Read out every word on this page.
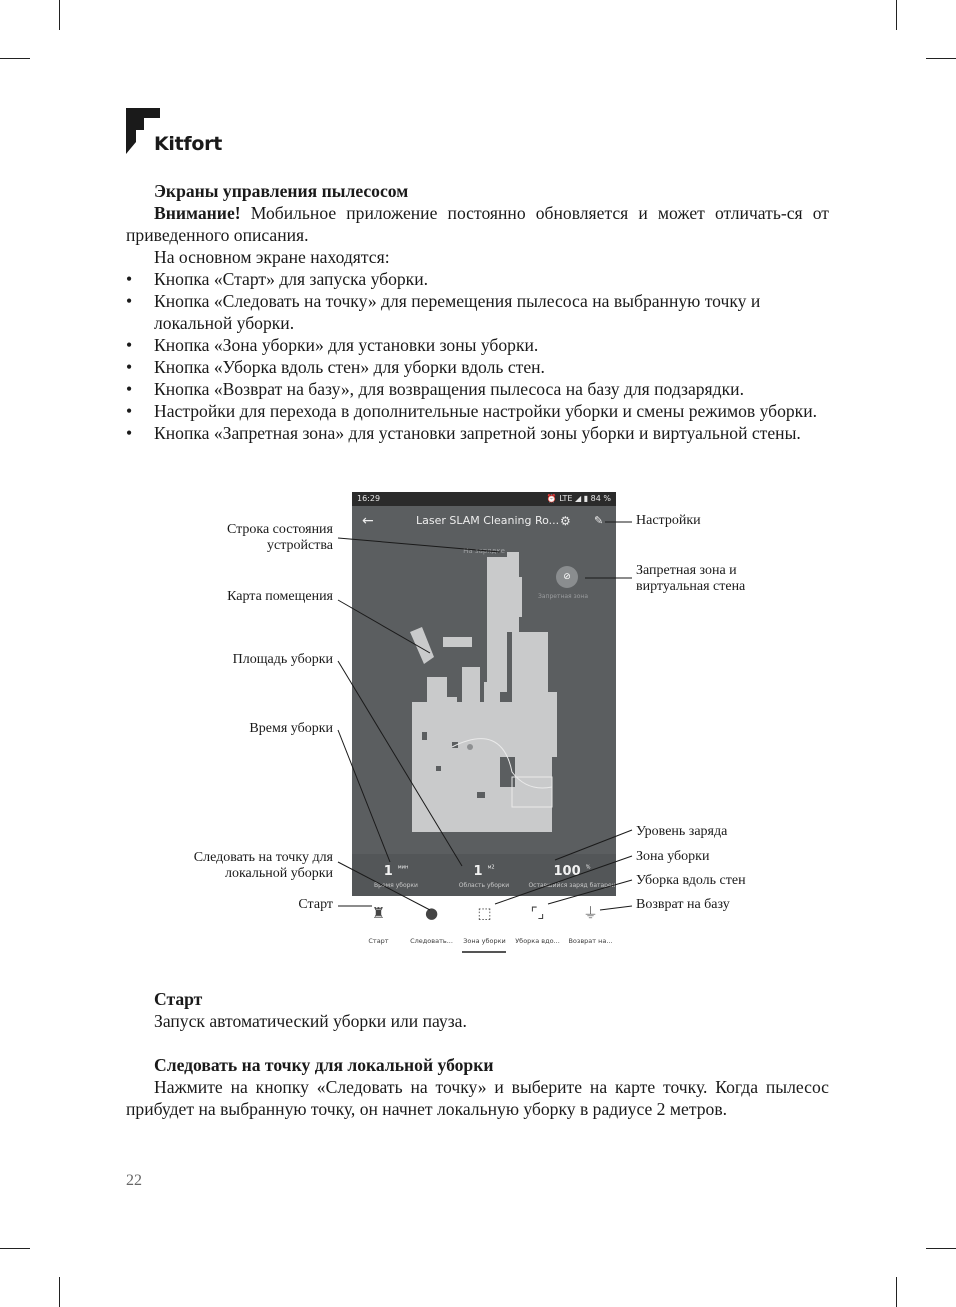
Kitfort

Экраны управления пылесосом

Внимание! Мобильное приложение постоянно обновляется и может отличать-ся от приведенного описания.

На основном экране находятся:

• Кнопка «Старт» для запуска уборки.
• Кнопка «Следовать на точку» для перемещения пылесоса на выбранную точку и локальной уборки.
• Кнопка «Зона уборки» для установки зоны уборки.
• Кнопка «Уборка вдоль стен» для уборки вдоль стен.
• Кнопка «Возврат на базу», для возвращения пылесоса на базу для подзарядки.
• Настройки для перехода в дополнительные настройки уборки и смены режимов уборки.
• Кнопка «Запретная зона» для установки запретной зоны уборки и виртуальной стены.
16:29	⏰ LTE ◢ ▮ 84 %
←	Laser SLAM Cleaning Ro... ⚙ ✎
На зарядке
⊘
Запретная зона
1 $^{мин}$
Время уборки
1 $^{м2}$
Область уборки
100 %
Оставшийся заряд батареи
♜
Старт
●
Следовать...
⬚
Зона уборки
⌜⌟
Уборка вдо...
⏚
Возврат на...
Строка состояния устройства
Карта помещения
Площадь уборки
Время уборки
Следовать на точку для локальной уборки
Старт
Настройки
Запретная зона и виртуальная стена
Уровень заряда
Зона уборки
Уборка вдоль стен
Возврат на базу

Старт

Запуск автоматический уборки или пауза.

Следовать на точку для локальной уборки

Нажмите на кнопку «Следовать на точку» и выберите на карте точку. Когда пылесос прибудет на выбранную точку, он начнет локальную уборку в радиусе 2 метров.

22
